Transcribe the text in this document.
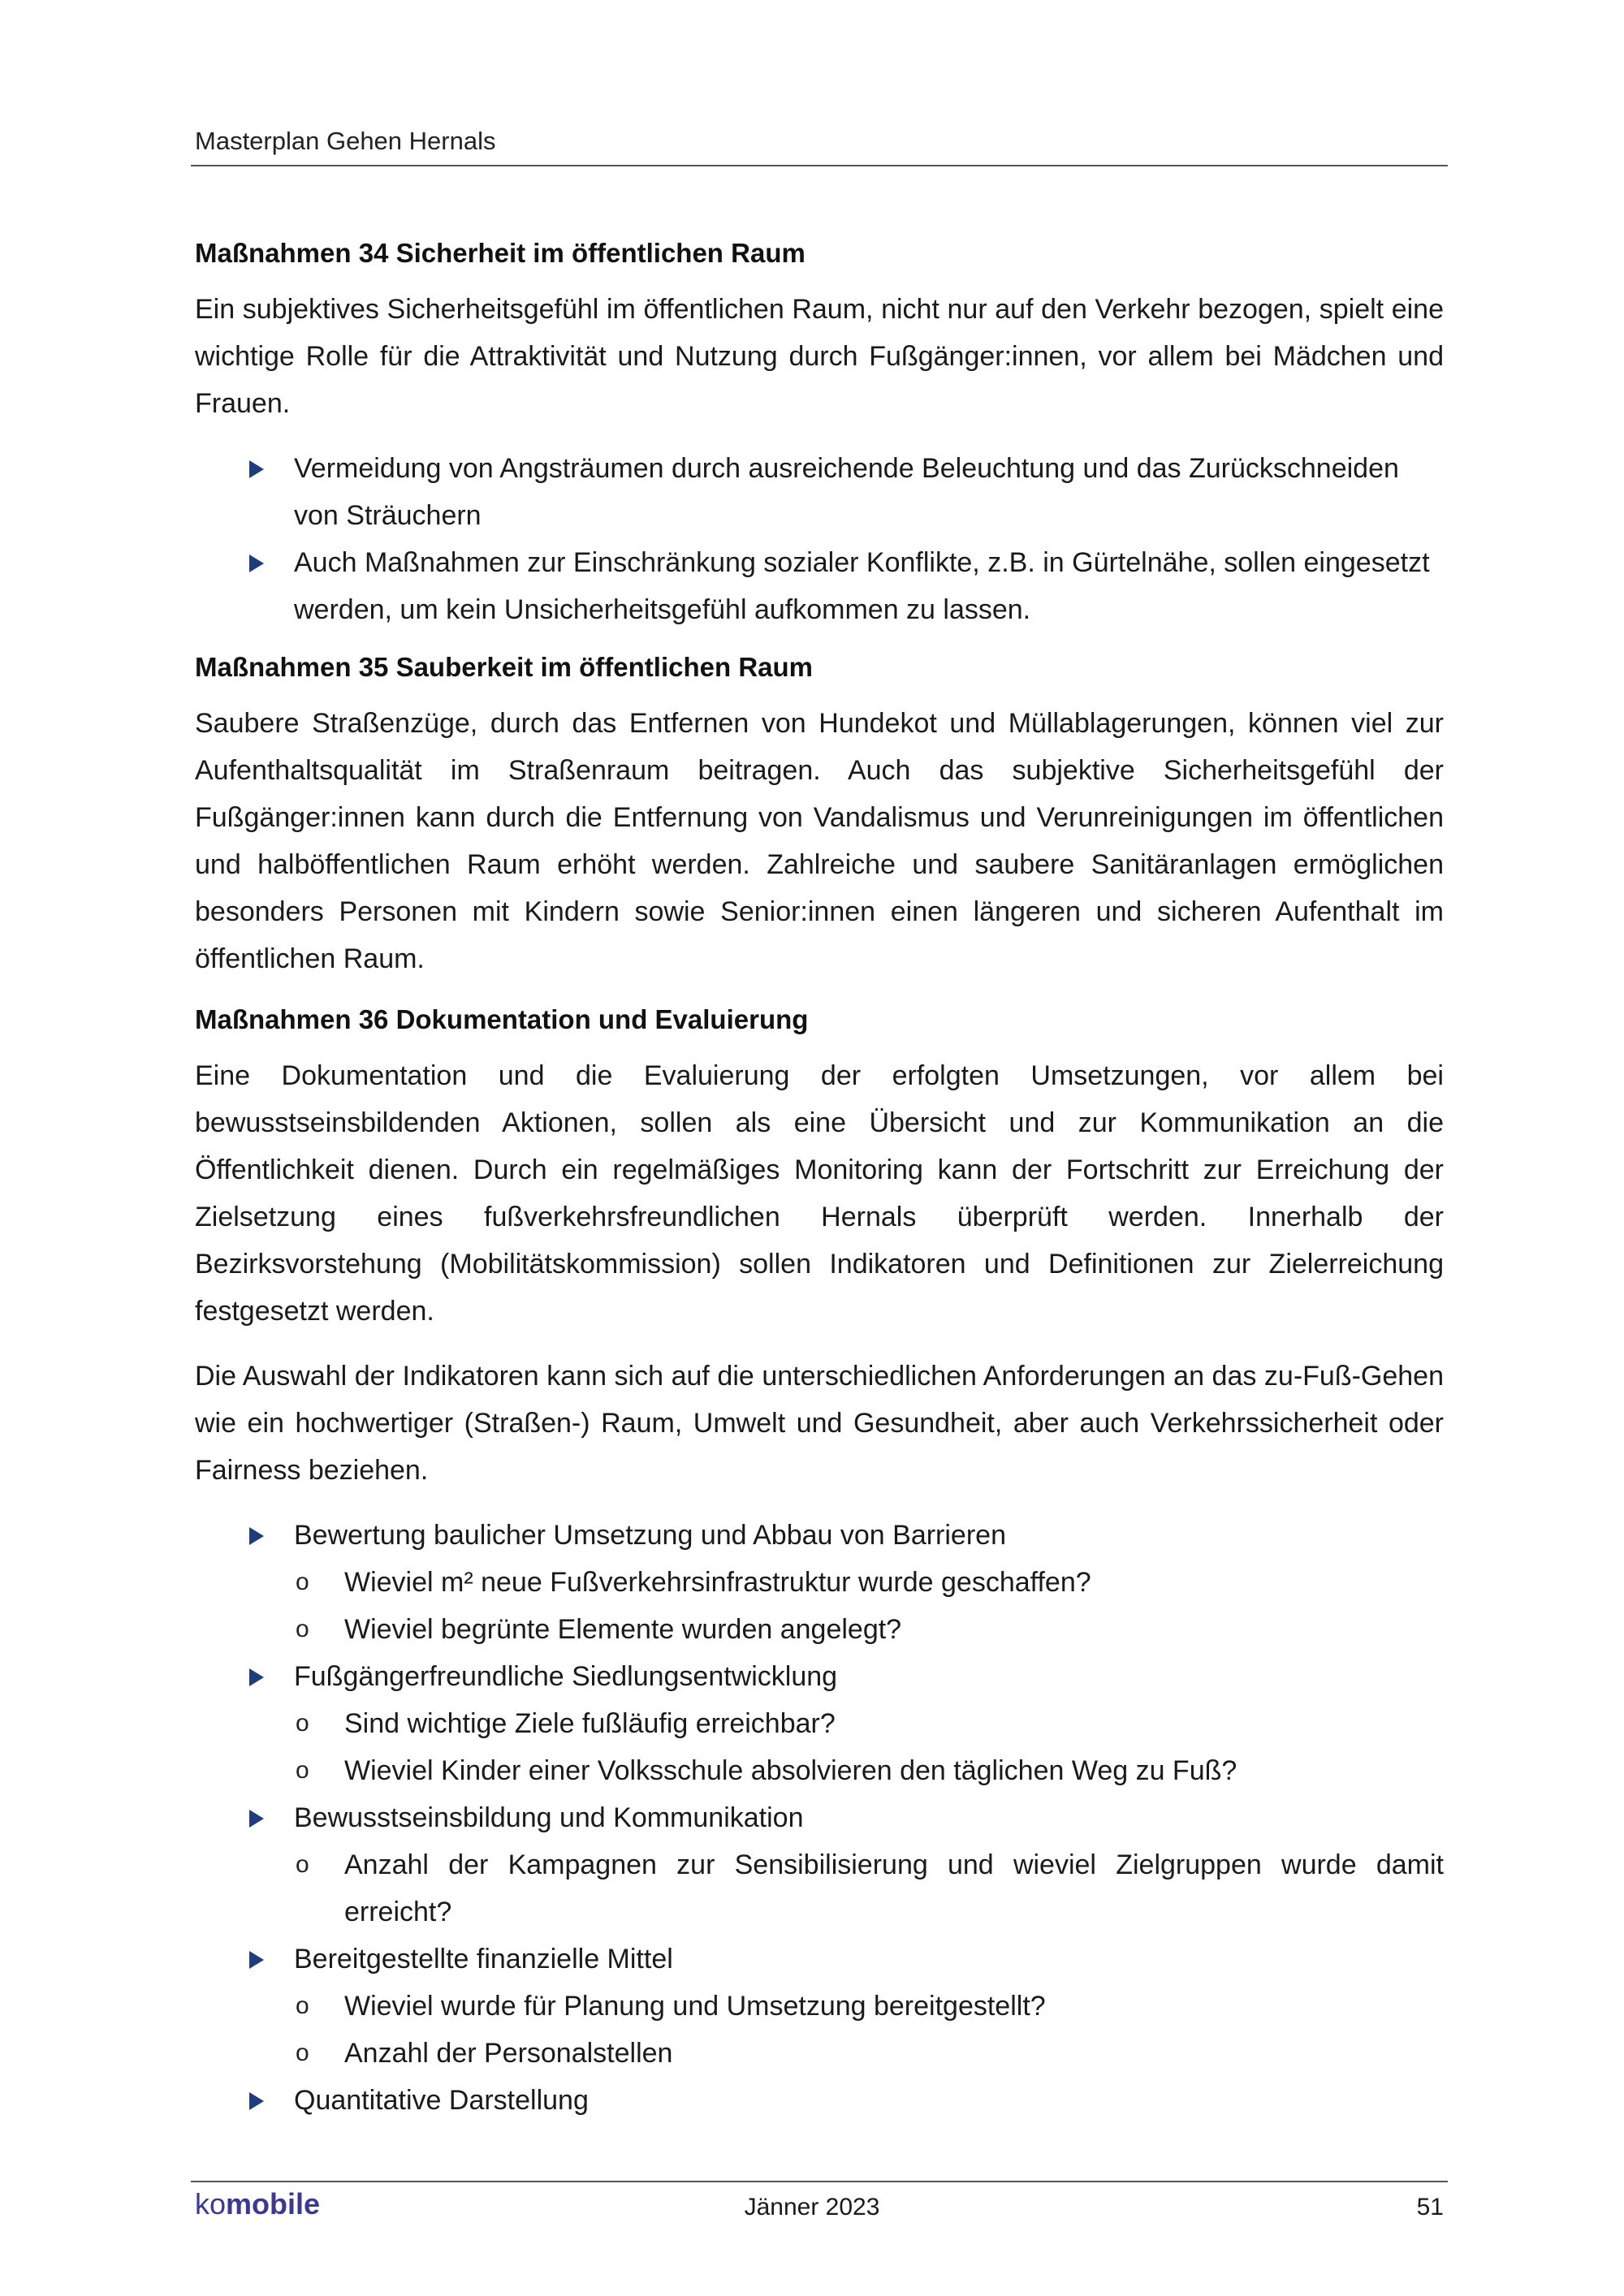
Masterplan Gehen Hernals
Maßnahmen 34 Sicherheit im öffentlichen Raum

Ein subjektives Sicherheitsgefühl im öffentlichen Raum, nicht nur auf den Verkehr bezogen, spielt eine wichtige Rolle für die Attraktivität und Nutzung durch Fußgänger:innen, vor allem bei Mädchen und Frauen.

Vermeidung von Angsträumen durch ausreichende Beleuchtung und das Zurückschneiden von Sträuchern
Auch Maßnahmen zur Einschränkung sozialer Konflikte, z.B. in Gürtelnähe, sollen eingesetzt werden, um kein Unsicherheitsgefühl aufkommen zu lassen.
Maßnahmen 35 Sauberkeit im öffentlichen Raum

Saubere Straßenzüge, durch das Entfernen von Hundekot und Müllablagerungen, können viel zur Aufenthaltsqualität im Straßenraum beitragen. Auch das subjektive Sicherheitsgefühl der Fußgänger:innen kann durch die Entfernung von Vandalismus und Verunreinigungen im öffentlichen und halböffentlichen Raum erhöht werden. Zahlreiche und saubere Sanitäranlagen ermöglichen besonders Personen mit Kindern sowie Senior:innen einen längeren und sicheren Aufenthalt im öffentlichen Raum.

Maßnahmen 36 Dokumentation und Evaluierung

Eine Dokumentation und die Evaluierung der erfolgten Umsetzungen, vor allem bei bewusstseinsbildenden Aktionen, sollen als eine Übersicht und zur Kommunikation an die Öffentlichkeit dienen. Durch ein regelmäßiges Monitoring kann der Fortschritt zur Erreichung der Zielsetzung eines fußverkehrsfreundlichen Hernals überprüft werden. Innerhalb der Bezirksvorstehung (Mobilitätskommission) sollen Indikatoren und Definitionen zur Zielerreichung festgesetzt werden.

Die Auswahl der Indikatoren kann sich auf die unterschiedlichen Anforderungen an das zu-Fuß-Gehen wie ein hochwertiger (Straßen-) Raum, Umwelt und Gesundheit, aber auch Verkehrssicherheit oder Fairness beziehen.

Bewertung baulicher Umsetzung und Abbau von Barrieren
o Wieviel m² neue Fußverkehrsinfrastruktur wurde geschaffen?
o Wieviel begrünte Elemente wurden angelegt?
Fußgängerfreundliche Siedlungsentwicklung
o Sind wichtige Ziele fußläufig erreichbar?
o Wieviel Kinder einer Volksschule absolvieren den täglichen Weg zu Fuß?
Bewusstseinsbildung und Kommunikation
o Anzahl der Kampagnen zur Sensibilisierung und wieviel Zielgruppen wurde damit erreicht?
Bereitgestellte finanzielle Mittel
o Wieviel wurde für Planung und Umsetzung bereitgestellt?
o Anzahl der Personalstellen
Quantitative Darstellung
komobile	Jänner 2023	51
